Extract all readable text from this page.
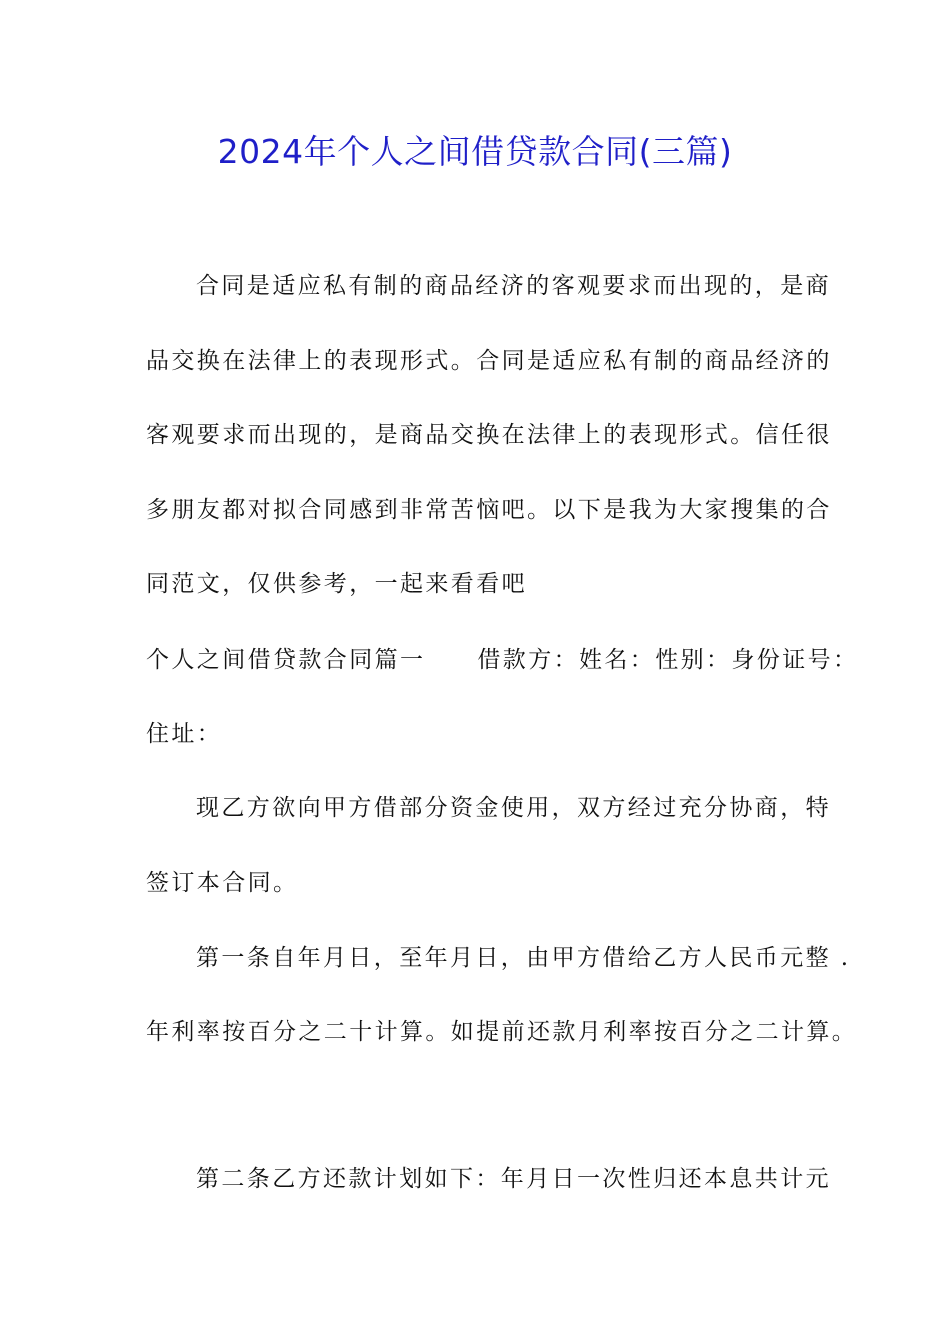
2024年个人之间借贷款合同(三篇)
合同是适应私有制的商品经济的客观要求而出现的，是商
品交换在法律上的表现形式。合同是适应私有制的商品经济的
客观要求而出现的，是商品交换在法律上的表现形式。信任很
多朋友都对拟合同感到非常苦恼吧。以下是我为大家搜集的合
同范文，仅供参考，一起来看看吧
个人之间借贷款合同篇一 借款方：姓名：性别：身份证号：
住址：
现乙方欲向甲方借部分资金使用，双方经过充分协商，特
签订本合同。
第一条自年月日，至年月日，由甲方借给乙方人民币元整 .
年利率按百分之二十计算。如提前还款月利率按百分之二计算。
第二条乙方还款计划如下：年月日一次性归还本息共计元
